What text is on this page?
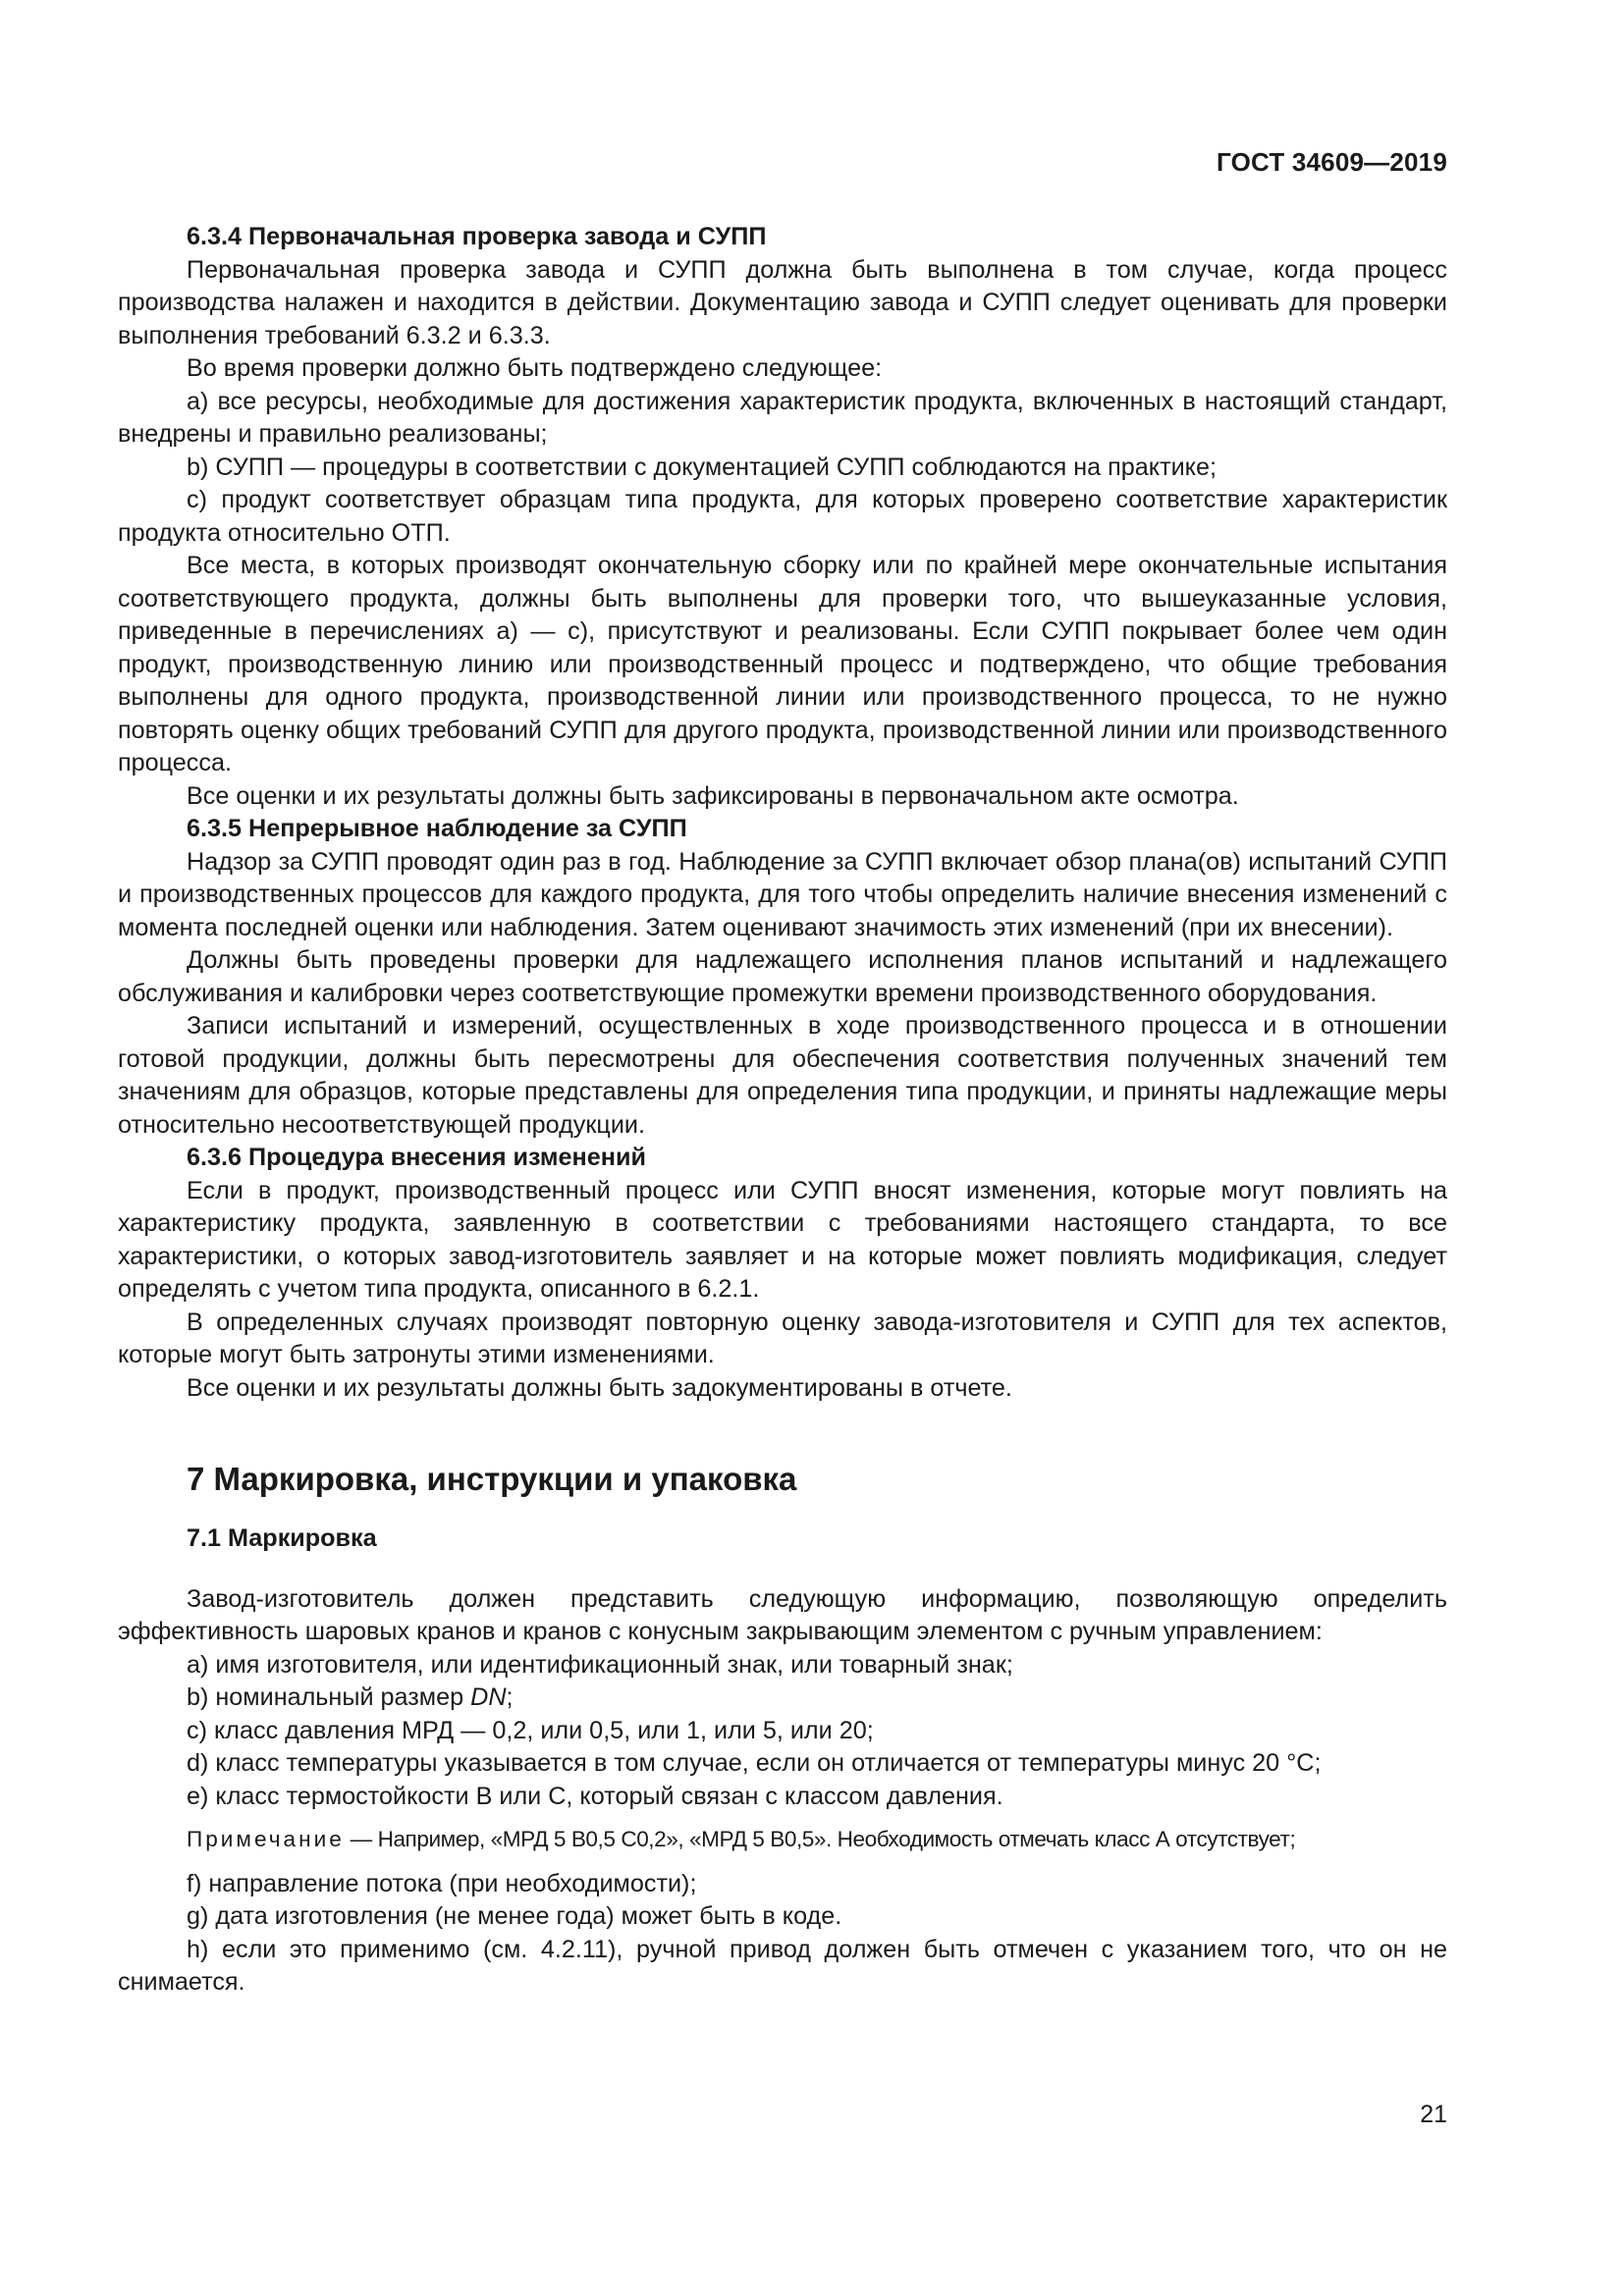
ГОСТ 34609—2019
6.3.4 Первоначальная проверка завода и СУПП

Первоначальная проверка завода и СУПП должна быть выполнена в том случае, когда процесс производства налажен и находится в действии. Документацию завода и СУПП следует оценивать для проверки выполнения требований 6.3.2 и 6.3.3.

Во время проверки должно быть подтверждено следующее:

а) все ресурсы, необходимые для достижения характеристик продукта, включенных в настоящий стандарт, внедрены и правильно реализованы;

b) СУПП — процедуры в соответствии с документацией СУПП соблюдаются на практике;

с) продукт соответствует образцам типа продукта, для которых проверено соответствие характеристик продукта относительно ОТП.

Все места, в которых производят окончательную сборку или по крайней мере окончательные испытания соответствующего продукта, должны быть выполнены для проверки того, что вышеуказанные условия, приведенные в перечислениях а) — с), присутствуют и реализованы. Если СУПП покрывает более чем один продукт, производственную линию или производственный процесс и подтверждено, что общие требования выполнены для одного продукта, производственной линии или производственного процесса, то не нужно повторять оценку общих требований СУПП для другого продукта, производственной линии или производственного процесса.

Все оценки и их результаты должны быть зафиксированы в первоначальном акте осмотра.

6.3.5 Непрерывное наблюдение за СУПП

Надзор за СУПП проводят один раз в год. Наблюдение за СУПП включает обзор плана(ов) испытаний СУПП и производственных процессов для каждого продукта, для того чтобы определить наличие внесения изменений с момента последней оценки или наблюдения. Затем оценивают значимость этих изменений (при их внесении).

Должны быть проведены проверки для надлежащего исполнения планов испытаний и надлежащего обслуживания и калибровки через соответствующие промежутки времени производственного оборудования.

Записи испытаний и измерений, осуществленных в ходе производственного процесса и в отношении готовой продукции, должны быть пересмотрены для обеспечения соответствия полученных значений тем значениям для образцов, которые представлены для определения типа продукции, и приняты надлежащие меры относительно несоответствующей продукции.

6.3.6 Процедура внесения изменений

Если в продукт, производственный процесс или СУПП вносят изменения, которые могут повлиять на характеристику продукта, заявленную в соответствии с требованиями настоящего стандарта, то все характеристики, о которых завод-изготовитель заявляет и на которые может повлиять модификация, следует определять с учетом типа продукта, описанного в 6.2.1.

В определенных случаях производят повторную оценку завода-изготовителя и СУПП для тех аспектов, которые могут быть затронуты этими изменениями.

Все оценки и их результаты должны быть задокументированы в отчете.

7 Маркировка, инструкции и упаковка
7.1 Маркировка

Завод-изготовитель должен представить следующую информацию, позволяющую определить эффективность шаровых кранов и кранов с конусным закрывающим элементом с ручным управлением:

а) имя изготовителя, или идентификационный знак, или товарный знак;

b) номинальный размер DN;

с) класс давления МРД — 0,2, или 0,5, или 1, или 5, или 20;

d) класс температуры указывается в том случае, если он отличается от температуры минус 20 °С;

е) класс термостойкости В или С, который связан с классом давления.

Примечание — Например, «МРД 5 В0,5 С0,2», «МРД 5 В0,5». Необходимость отмечать класс А отсутствует;

f) направление потока (при необходимости);

g) дата изготовления (не менее года) может быть в коде.

h) если это применимо (см. 4.2.11), ручной привод должен быть отмечен с указанием того, что он не снимается.

21
